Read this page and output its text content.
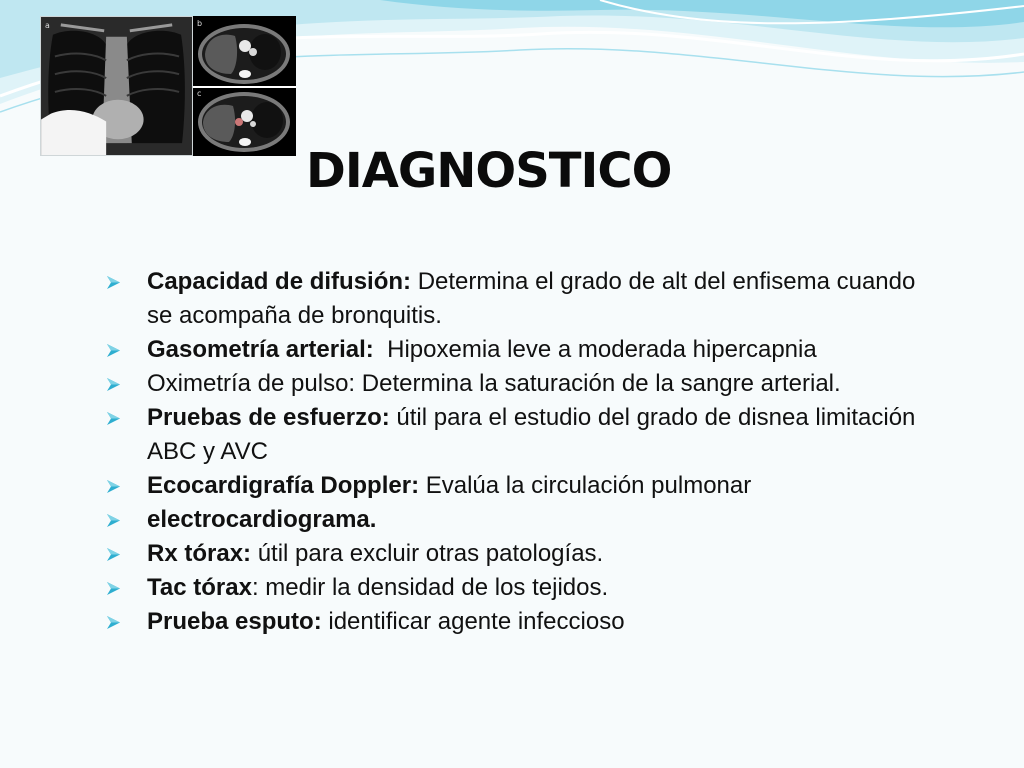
a	b
c
DIAGNOSTICO
Capacidad de difusión: Determina el grado de alt del enfisema cuando se acompaña de bronquitis.
Gasometría arterial:  Hipoxemia leve a moderada hipercapnia
Oximetría de pulso: Determina la saturación de la sangre arterial.
Pruebas de esfuerzo: útil para el estudio del grado de disnea limitación ABC y AVC
Ecocardigrafía Doppler: Evalúa la circulación pulmonar
electrocardiograma.
Rx tórax: útil para excluir otras patologías.
Tac tórax: medir la densidad de los tejidos.
Prueba esputo: identificar agente infeccioso
